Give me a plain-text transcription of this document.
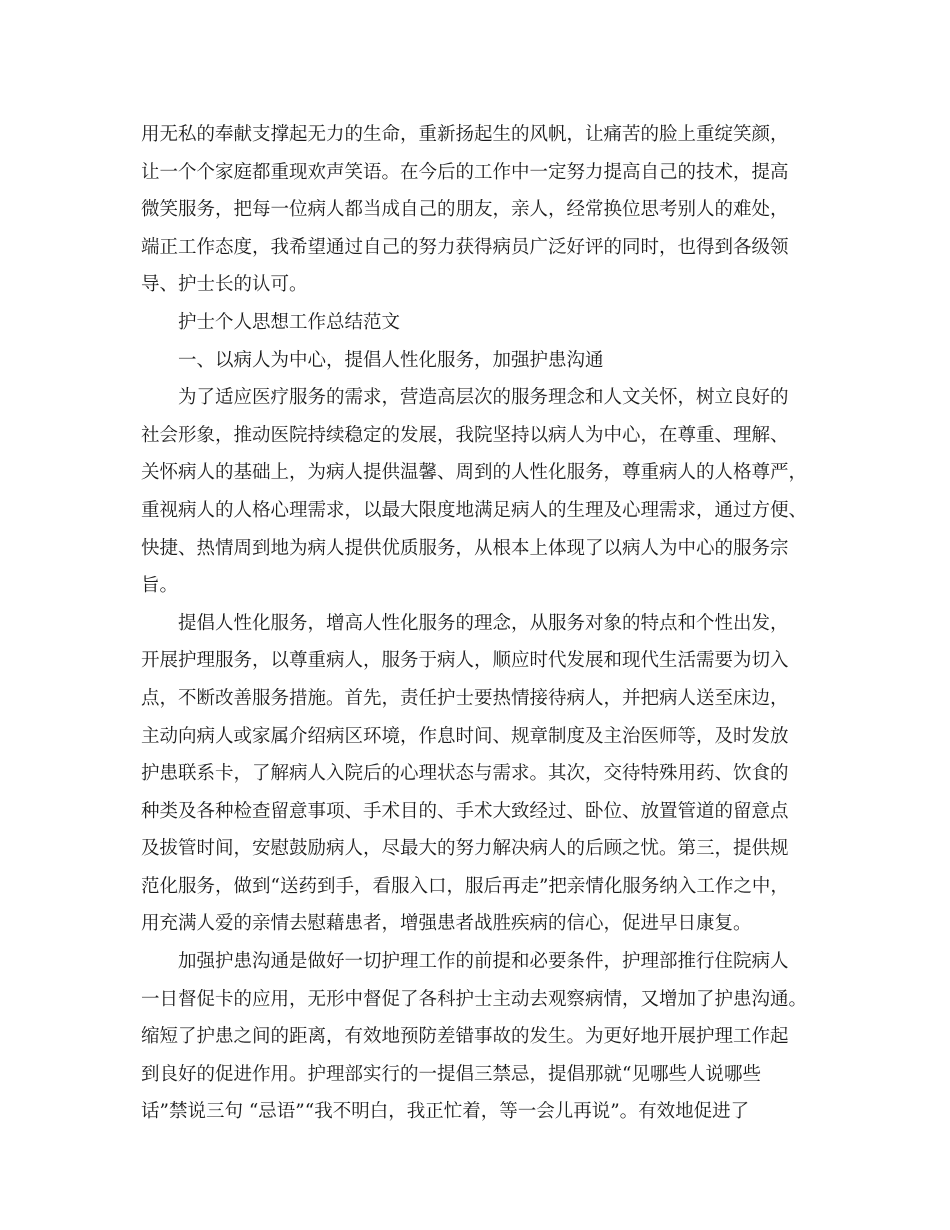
用无私的奉献支撑起无力的生命，重新扬起生的风帆，让痛苦的脸上重绽笑颜，
让一个个家庭都重现欢声笑语。在今后的工作中一定努力提高自己的技术，提高
微笑服务，把每一位病人都当成自己的朋友，亲人，经常换位思考别人的难处，
端正工作态度，我希望通过自己的努力获得病员广泛好评的同时，也得到各级领
导、护士长的认可。
护士个人思想工作总结范文
一、以病人为中心，提倡人性化服务，加强护患沟通
为了适应医疗服务的需求，营造高层次的服务理念和人文关怀，树立良好的
社会形象，推动医院持续稳定的发展，我院坚持以病人为中心，在尊重、理解、
关怀病人的基础上，为病人提供温馨、周到的人性化服务，尊重病人的人格尊严，
重视病人的人格心理需求，以最大限度地满足病人的生理及心理需求，通过方便、
快捷、热情周到地为病人提供优质服务，从根本上体现了以病人为中心的服务宗
旨。
提倡人性化服务，增高人性化服务的理念，从服务对象的特点和个性出发，
开展护理服务，以尊重病人，服务于病人，顺应时代发展和现代生活需要为切入
点，不断改善服务措施。首先，责任护士要热情接待病人，并把病人送至床边，
主动向病人或家属介绍病区环境，作息时间、规章制度及主治医师等，及时发放
护患联系卡，了解病人入院后的心理状态与需求。其次，交待特殊用药、饮食的
种类及各种检查留意事项、手术目的、手术大致经过、卧位、放置管道的留意点
及拔管时间，安慰鼓励病人，尽最大的努力解决病人的后顾之忧。第三，提供规
范化服务，做到“送药到手，看服入口，服后再走”把亲情化服务纳入工作之中，
用充满人爱的亲情去慰藉患者，增强患者战胜疾病的信心，促进早日康复。
加强护患沟通是做好一切护理工作的前提和必要条件，护理部推行住院病人
一日督促卡的应用，无形中督促了各科护士主动去观察病情，又增加了护患沟通。
缩短了护患之间的距离，有效地预防差错事故的发生。为更好地开展护理工作起
到良好的促进作用。护理部实行的一提倡三禁忌，提倡那就“见哪些人说哪些
话”禁说三句 “忌语”“我不明白，我正忙着，等一会儿再说”。有效地促进了
